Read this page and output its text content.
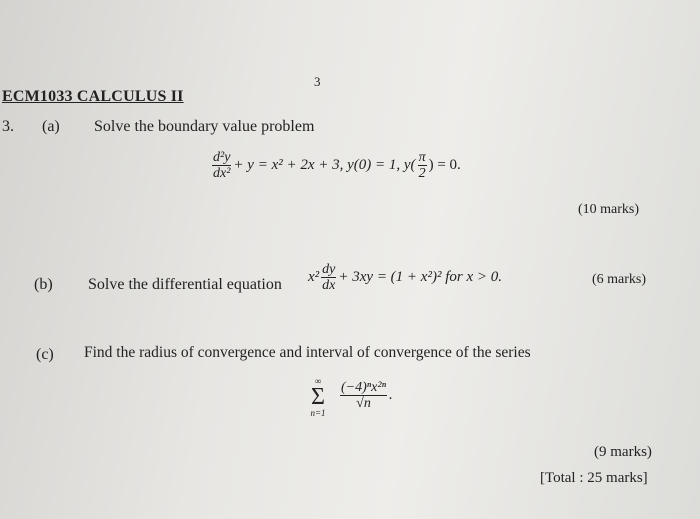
3
ECM1033 CALCULUS II
3. (a) Solve the boundary value problem
$\frac{\text{d²y}}{\text{dx²}} + y = x^2 + 2x + 3$, y(0) = 1, $y( \frac{\pi}{2}$ ) = 0.
(10 marks)
(b) Solve the differential equation $x^2 \frac{dy}{dx} + 3xy = (1 + x^2)^2$ for x > 0.	(6 marks)
(c) Find the radius of convergence and interval of convergence of the series
∞
Σ
n=1
$\frac{\text{(−4)ⁿx²ⁿ}}{√n}$ .
(9 marks)
[Total : 25 marks]
